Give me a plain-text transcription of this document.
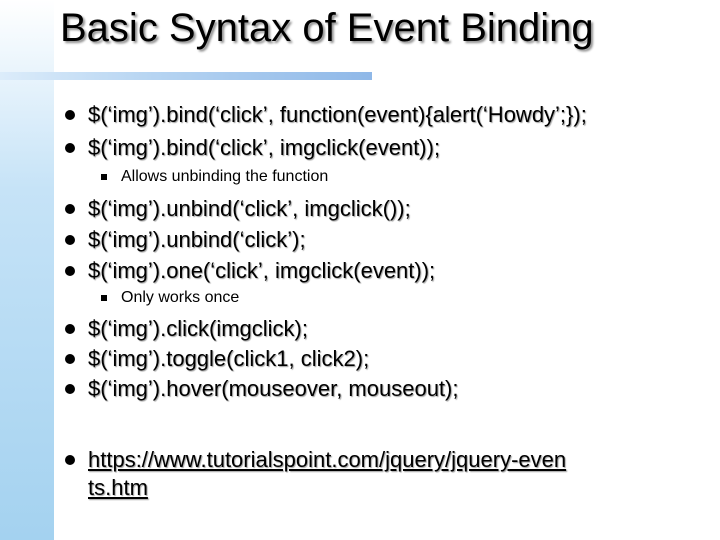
Basic Syntax of Event Binding
$(‘img’).bind(‘click’, function(event){alert(‘Howdy’;});
$(‘img’).bind(‘click’, imgclick(event));
Allows unbinding the function
$(‘img’).unbind(‘click’, imgclick());
$(‘img’).unbind(‘click’);
$(‘img’).one(‘click’, imgclick(event));
Only works once
$(‘img’).click(imgclick);
$(‘img’).toggle(click1, click2);
$(‘img’).hover(mouseover, mouseout);
https://www.tutorialspoint.com/jquery/jquery-events.htm
